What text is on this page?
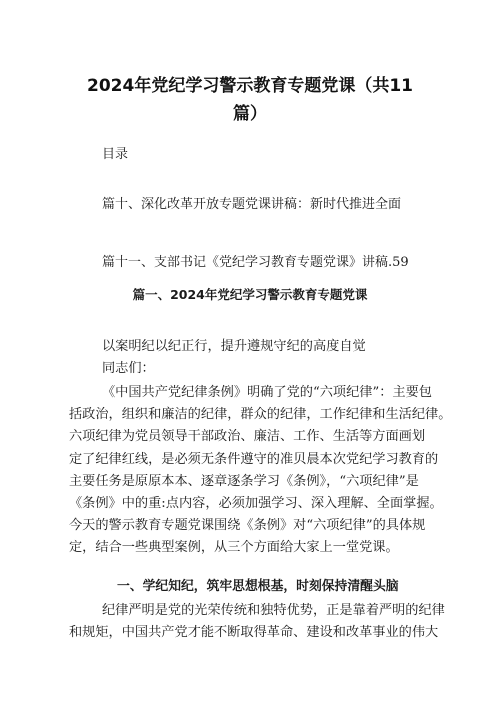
2024年党纪学习警示教育专题党课（共11
篇）
目录
篇十、深化改革开放专题党课讲稿：新时代推进全面
篇十一、支部书记《党纪学习教育专题党课》讲稿.59
篇一、2024年党纪学习警示教育专题党课
以案明纪以纪正行，提升遵规守纪的高度自觉
同志们：
《中国共产党纪律条例》明确了党的“六项纪律”：主要包
括政治，组织和廉洁的纪律，群众的纪律，工作纪律和生活纪律。
六项纪律为党员领导干部政治、廉洁、工作、生活等方面画划
定了纪律红线，是必须无条件遵守的准贝晨本次党纪学习教育的
主要任务是原原本本、逐章逐条学习《条例》，“六项纪律”是
《条例》中的重:点内容，必须加强学习、深入理解、全面掌握。
今天的警示教育专题党课围绕《条例》对“六项纪律”的具体规
定，结合一些典型案例，从三个方面给大家上一堂党课。
一、学纪知纪，筑牢思想根基，时刻保持清醒头脑
纪律严明是党的光荣传统和独特优势，正是靠着严明的纪律
和规矩，中国共产党才能不断取得革命、建设和改革事业的伟大
